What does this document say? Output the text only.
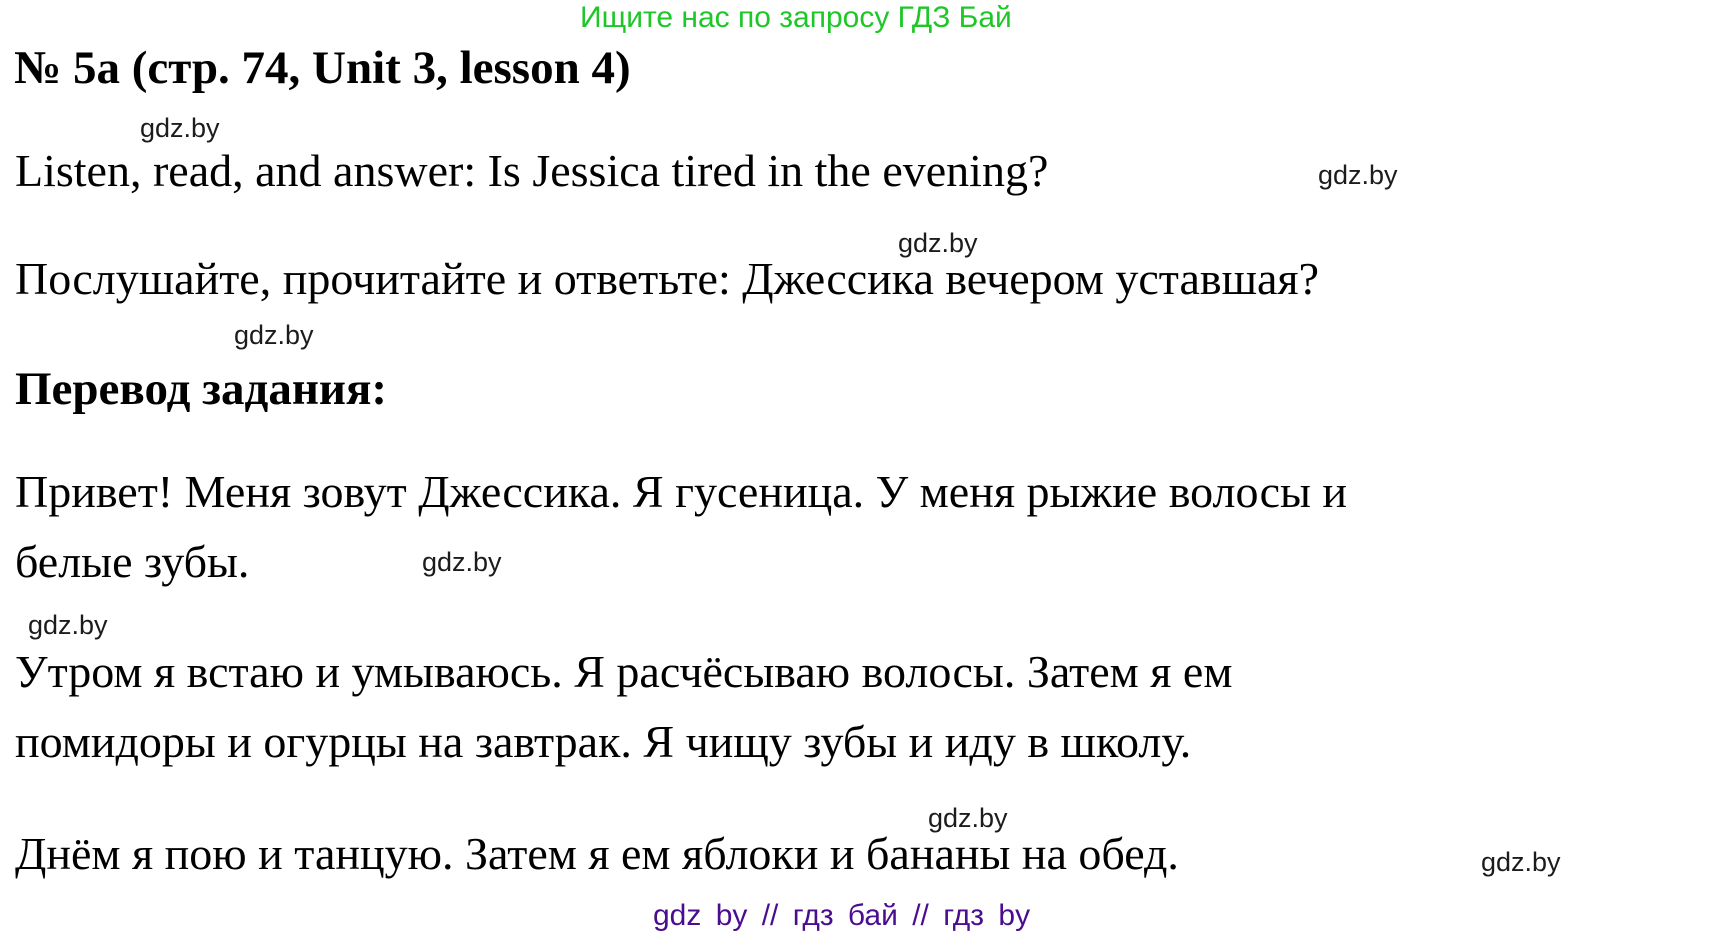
Ищите нас по запросу ГДЗ Бай
№ 5a (стр. 74, Unit 3, lesson 4)
gdz.by
Listen, read, and answer: Is Jessica tired in the evening?	gdz.by
gdz.by
Послушайте, прочитайте и ответьте: Джессика вечером уставшая?
gdz.by
Перевод задания:
Привет! Меня зовут Джессика. Я гусеница. У меня рыжие волосы и
белые зубы.	gdz.by
gdz.by
Утром я встаю и умываюсь. Я расчёсываю волосы. Затем я ем
помидоры и огурцы на завтрак. Я чищу зубы и иду в школу.
gdz.by
Днём я пою и танцую. Затем я ем яблоки и бананы на обед.	gdz.by
gdz by // гдз бай // гдз by
